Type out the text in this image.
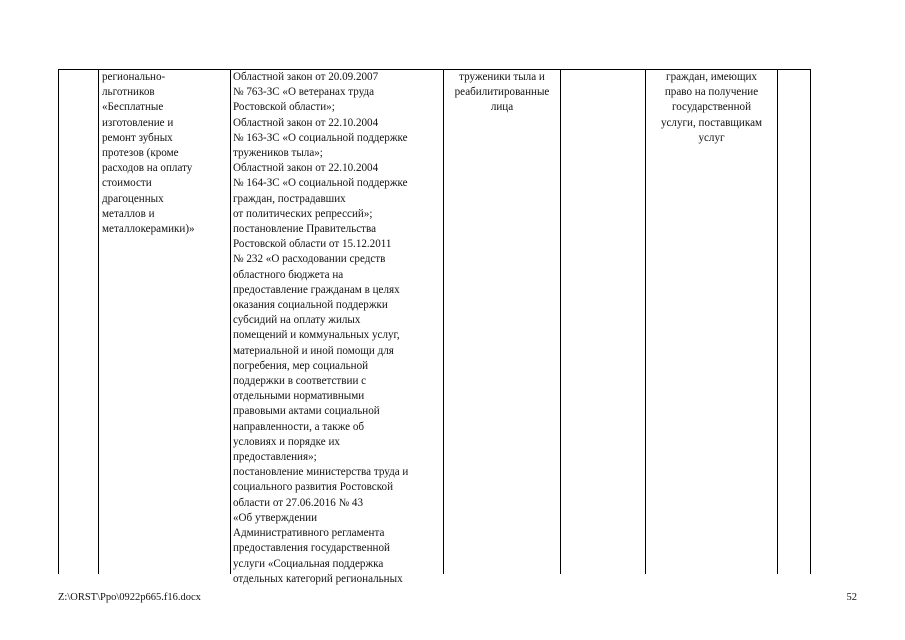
регионально-
льготников
«Бесплатные
изготовление и
ремонт зубных
протезов (кроме
расходов на оплату
стоимости
драгоценных
металлов и
металлокерамики)»
Областной закон от 20.09.2007
№ 763-ЗС «О ветеранах труда
Ростовской области»;
Областной закон от 22.10.2004
№ 163-ЗС «О социальной поддержке
тружеников тыла»;
Областной закон от 22.10.2004
№ 164-ЗС «О социальной поддержке
граждан, пострадавших
от политических репрессий»;
постановление Правительства
Ростовской области от 15.12.2011
№ 232 «О расходовании средств
областного бюджета на
предоставление гражданам в целях
оказания социальной поддержки
субсидий на оплату жилых
помещений и коммунальных услуг,
материальной и иной помощи для
погребения, мер социальной
поддержки в соответствии с
отдельными нормативными
правовыми актами социальной
направленности, а также об
условиях и порядке их
предоставления»;
постановление министерства труда и
социального развития Ростовской
области от 27.06.2016 № 43
«Об утверждении
Административного регламента
предоставления государственной
услуги «Социальная поддержка
отдельных категорий региональных
труженики тыла и
реабилитированные
лица
граждан, имеющих
право на получение
государственной
услуги, поставщикам
услуг
Z:\ORST\Ppo\0922p665.f16.docx	52
